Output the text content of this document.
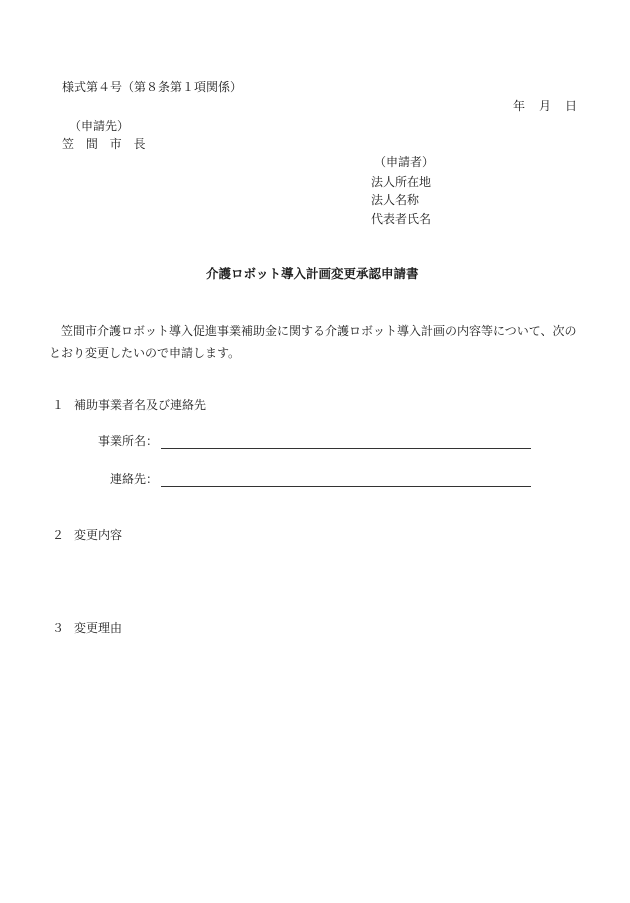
様式第４号（第８条第１項関係）
年 月 日
（申請先）
笠 間 市 長
（申請者）
法人所在地
法人名称
代表者氏名
介護ロボット導入計画変更承認申請書
笠間市介護ロボット導入促進事業補助金に関する介護ロボット導入計画の内容等について、次のとおり変更したいので申請します。
１ 補助事業者名及び連絡先
事業所名：
連絡先：
２ 変更内容
３ 変更理由
